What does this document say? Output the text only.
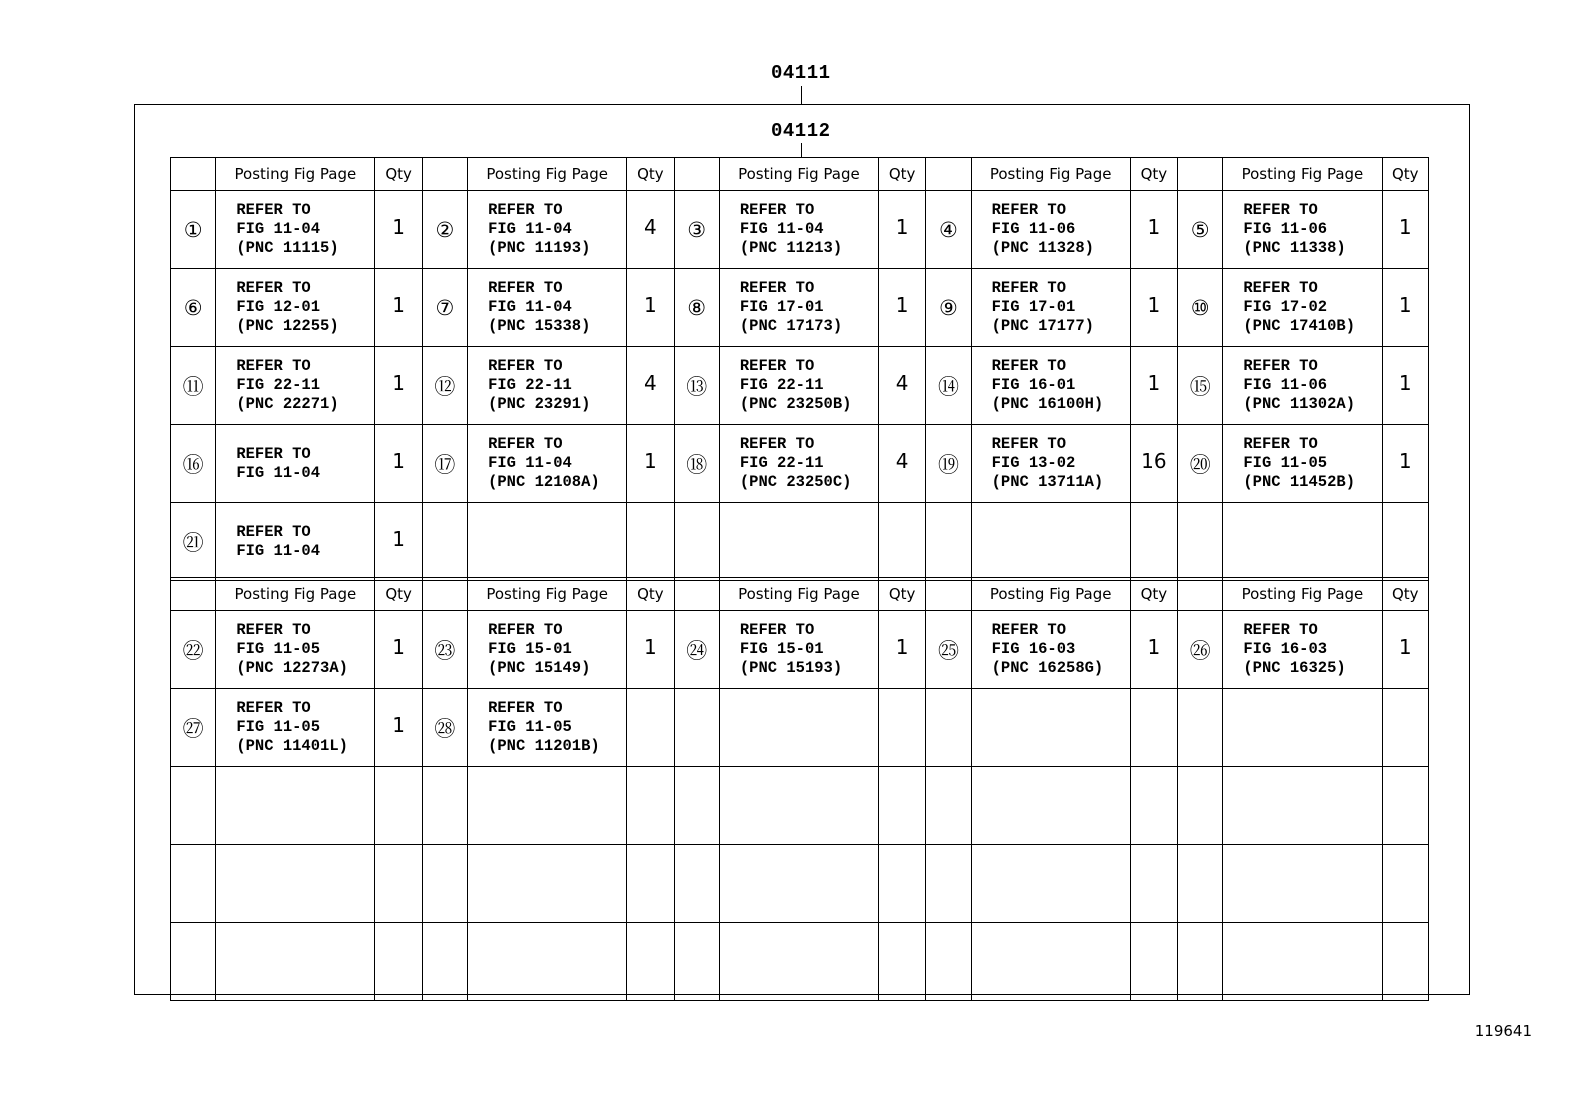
04111
04112
	Posting Fig Page	Qty		Posting Fig Page	Qty		Posting Fig Page	Qty		Posting Fig Page	Qty		Posting Fig Page	Qty
①	REFER TO
FIG 11-04
(PNC 11115)	1	②	REFER TO
FIG 11-04
(PNC 11193)	4	③	REFER TO
FIG 11-04
(PNC 11213)	1	④	REFER TO
FIG 11-06
(PNC 11328)	1	⑤	REFER TO
FIG 11-06
(PNC 11338)	1
⑥	REFER TO
FIG 12-01
(PNC 12255)	1	⑦	REFER TO
FIG 11-04
(PNC 15338)	1	⑧	REFER TO
FIG 17-01
(PNC 17173)	1	⑨	REFER TO
FIG 17-01
(PNC 17177)	1	⑩	REFER TO
FIG 17-02
(PNC 17410B)	1
⑪	REFER TO
FIG 22-11
(PNC 22271)	1	⑫	REFER TO
FIG 22-11
(PNC 23291)	4	⑬	REFER TO
FIG 22-11
(PNC 23250B)	4	⑭	REFER TO
FIG 16-01
(PNC 16100H)	1	⑮	REFER TO
FIG 11-06
(PNC 11302A)	1
⑯	REFER TO
FIG 11-04	1	⑰	REFER TO
FIG 11-04
(PNC 12108A)	1	⑱	REFER TO
FIG 22-11
(PNC 23250C)	4	⑲	REFER TO
FIG 13-02
(PNC 13711A)	16	⑳	REFER TO
FIG 11-05
(PNC 11452B)	1
㉑	REFER TO
FIG 11-04	1												
	Posting Fig Page	Qty		Posting Fig Page	Qty		Posting Fig Page	Qty		Posting Fig Page	Qty		Posting Fig Page	Qty
㉒	REFER TO
FIG 11-05
(PNC 12273A)	1	㉓	REFER TO
FIG 15-01
(PNC 15149)	1	㉔	REFER TO
FIG 15-01
(PNC 15193)	1	㉕	REFER TO
FIG 16-03
(PNC 16258G)	1	㉖	REFER TO
FIG 16-03
(PNC 16325)	1
㉗	REFER TO
FIG 11-05
(PNC 11401L)	1	㉘	REFER TO
FIG 11-05
(PNC 11201B)										

119641
